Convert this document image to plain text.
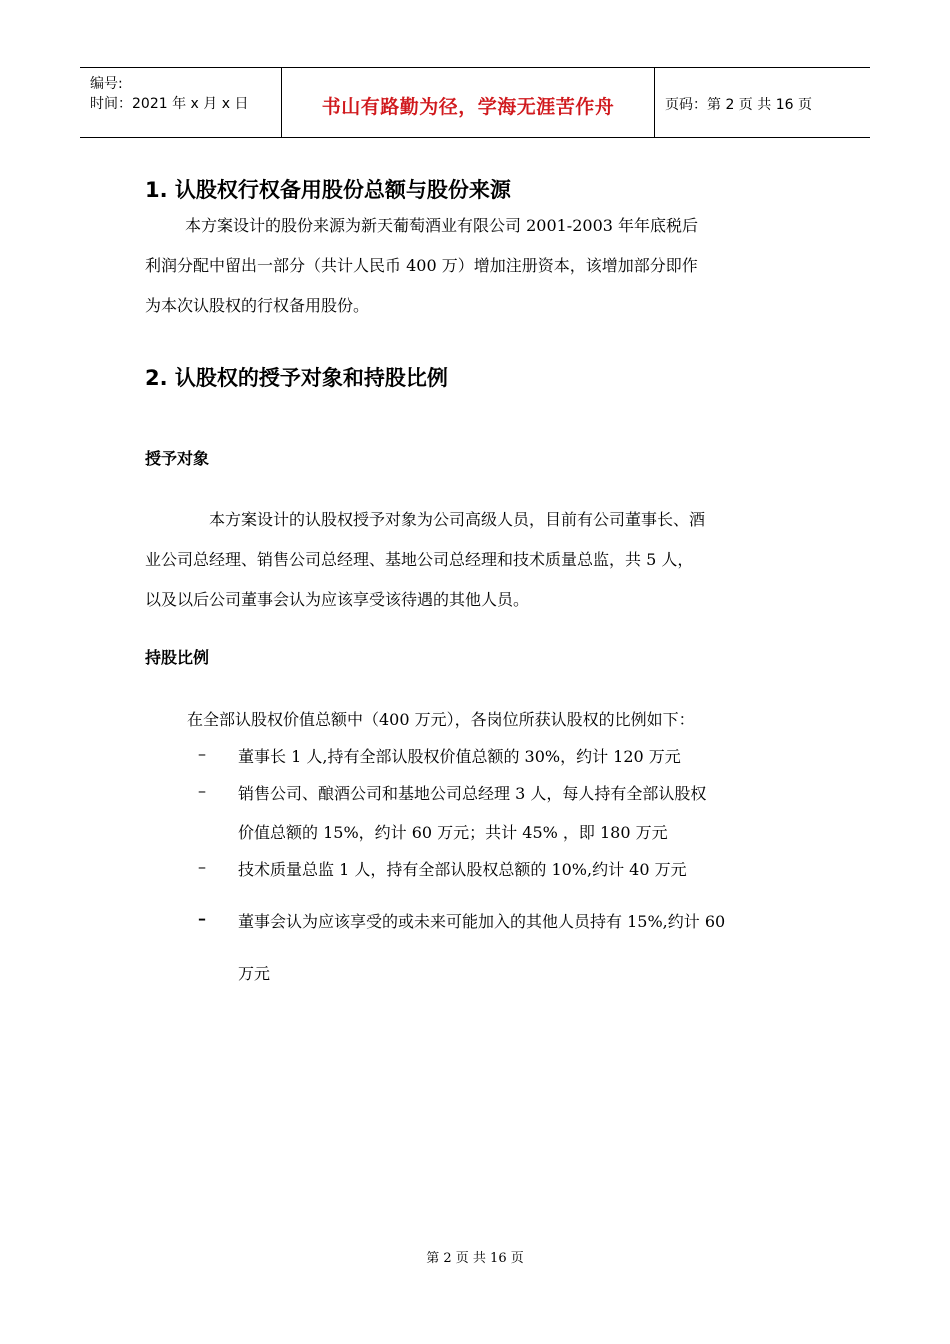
编号:
时间：2021 年 x 月 x 日	书山有路勤为径，学海无涯苦作舟	页码：第 2 页 共 16 页
1. 认股权行权备用股份总额与股份来源
本方案设计的股份来源为新天葡萄酒业有限公司 2001-2003 年年底税后
利润分配中留出一部分（共计人民币 400 万）增加注册资本，该增加部分即作
为本次认股权的行权备用股份。
2. 认股权的授予对象和持股比例
授予对象
本方案设计的认股权授予对象为公司高级人员，目前有公司董事长、酒
业公司总经理、销售公司总经理、基地公司总经理和技术质量总监，共 5 人，
以及以后公司董事会认为应该享受该待遇的其他人员。
持股比例
在全部认股权价值总额中（400 万元），各岗位所获认股权的比例如下：
–	董事长 1 人,持有全部认股权价值总额的 30%，约计 120 万元
–	销售公司、酿酒公司和基地公司总经理 3 人，每人持有全部认股权
价值总额的 15%，约计 60 万元；共计 45% ，即 180 万元
–	技术质量总监 1 人，持有全部认股权总额的 10%,约计 40 万元
–	董事会认为应该享受的或未来可能加入的其他人员持有 15%,约计 60
万元
第 2 页 共 16 页
